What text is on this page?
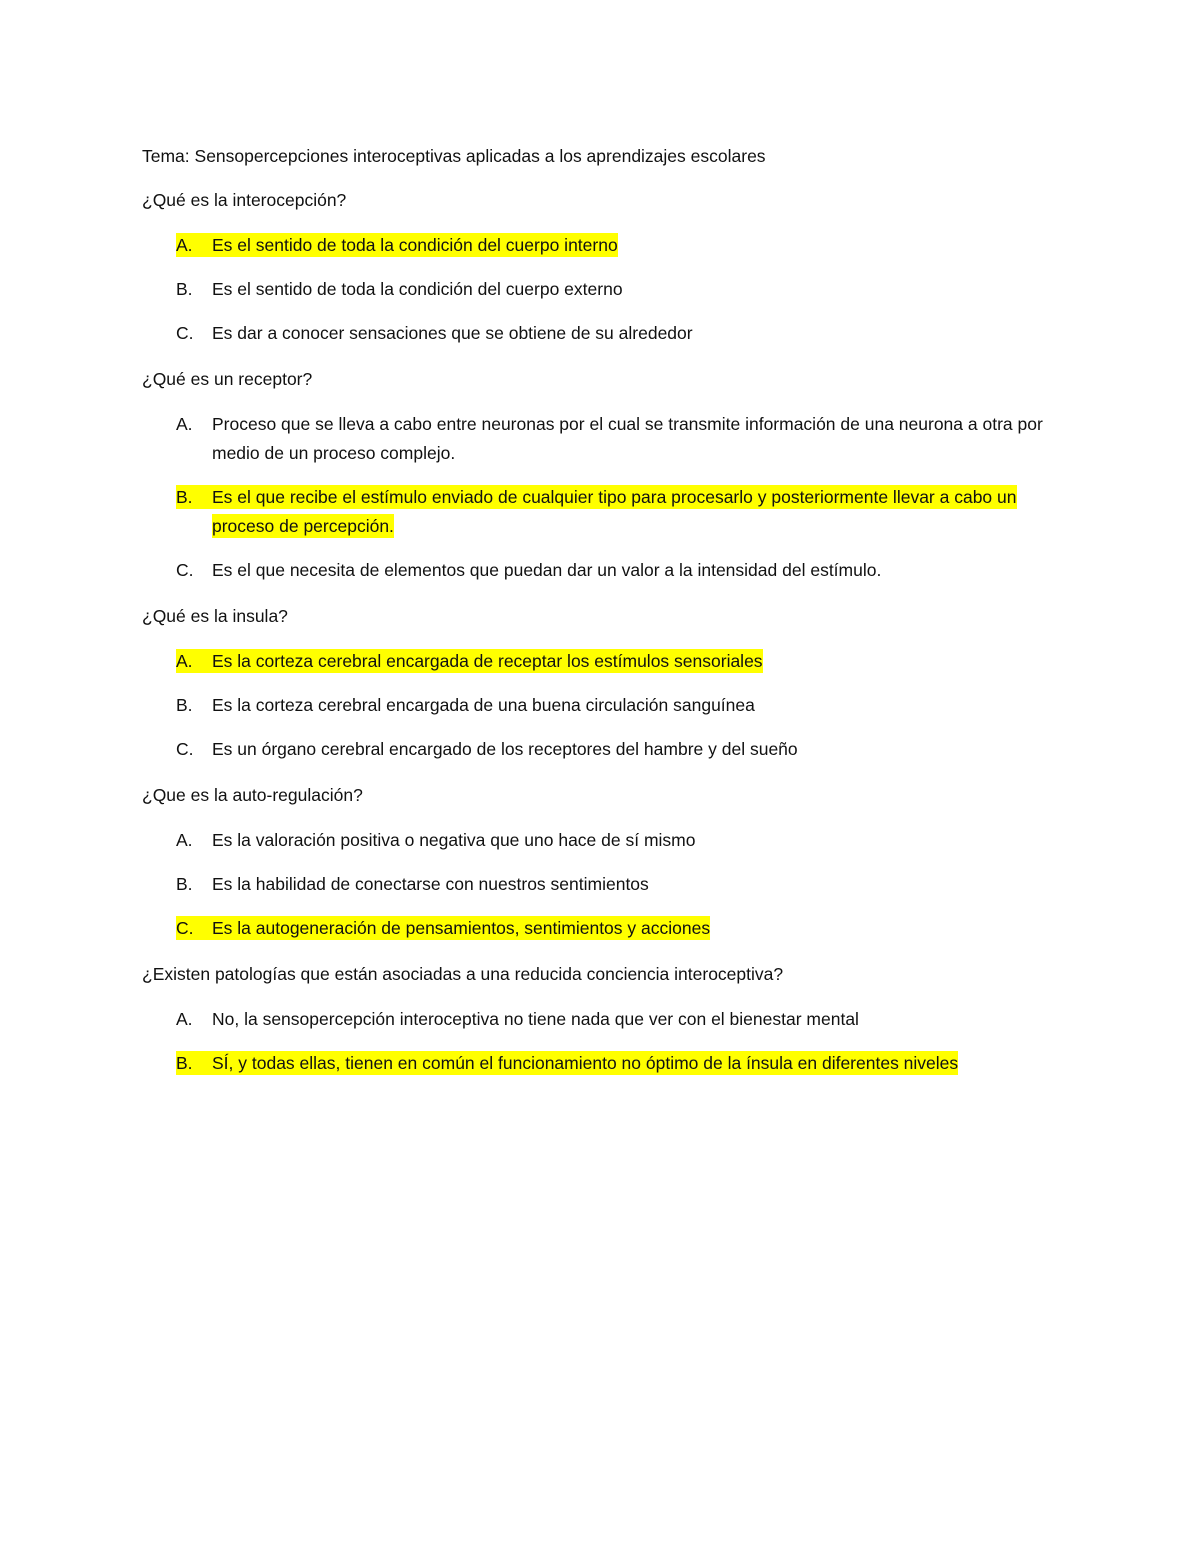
Tema: Sensopercepciones interoceptivas aplicadas a los aprendizajes escolares
¿Qué es la interocepción?
A.	Es el sentido de toda la condición del cuerpo interno
B.	Es el sentido de toda la condición del cuerpo externo
C.	Es dar a conocer sensaciones que se obtiene de su alrededor
¿Qué es un receptor?
A.	Proceso que se lleva a cabo entre neuronas por el cual se transmite información de una neurona a otra por medio de un proceso complejo.
B.	Es el que recibe el estímulo enviado de cualquier tipo para procesarlo y posteriormente llevar a cabo un proceso de percepción.
C.	Es el que necesita de elementos que puedan dar un valor a la intensidad del estímulo.
¿Qué es la insula?
A.	Es la corteza cerebral encargada de receptar los estímulos sensoriales
B.	Es la corteza cerebral encargada de una buena circulación sanguínea
C.	Es un órgano cerebral encargado de los receptores del hambre y del sueño
¿Que es la auto-regulación?
A.	Es la valoración positiva o negativa que uno hace de sí mismo
B.	Es la habilidad de conectarse con nuestros sentimientos
C.	Es la autogeneración de pensamientos, sentimientos y acciones
¿Existen patologías que están asociadas a una reducida conciencia interoceptiva?
A.	No, la sensopercepción interoceptiva no tiene nada que ver con el bienestar mental
B.	SÍ, y todas ellas, tienen en común el funcionamiento no óptimo de la ínsula en diferentes niveles
